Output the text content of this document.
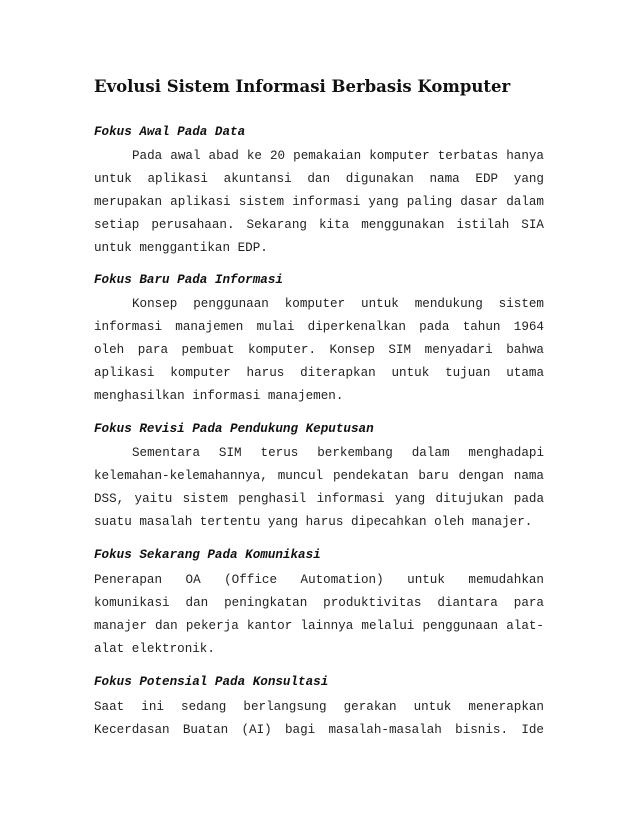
Evolusi Sistem Informasi Berbasis Komputer
Fokus Awal Pada Data
Pada awal abad ke 20 pemakaian komputer terbatas hanya
untuk aplikasi akuntansi dan digunakan nama EDP yang
merupakan aplikasi sistem informasi yang paling dasar dalam
setiap perusahaan. Sekarang kita menggunakan istilah SIA
untuk menggantikan EDP.
Fokus Baru Pada Informasi
Konsep penggunaan komputer untuk mendukung sistem
informasi manajemen mulai diperkenalkan pada tahun 1964
oleh para pembuat komputer. Konsep SIM menyadari bahwa
aplikasi komputer harus diterapkan untuk tujuan utama
menghasilkan informasi manajemen.
Fokus Revisi Pada Pendukung Keputusan
Sementara SIM terus berkembang dalam menghadapi
kelemahan-kelemahannya, muncul pendekatan baru dengan nama
DSS, yaitu sistem penghasil informasi yang ditujukan pada
suatu masalah tertentu yang harus dipecahkan oleh manajer.
Fokus Sekarang Pada Komunikasi
Penerapan OA (Office Automation) untuk memudahkan
komunikasi dan peningkatan produktivitas diantara para
manajer dan pekerja kantor lainnya melalui penggunaan alat-
alat elektronik.
Fokus Potensial Pada Konsultasi
Saat ini sedang berlangsung gerakan untuk menerapkan
Kecerdasan Buatan (AI) bagi masalah-masalah bisnis. Ide
